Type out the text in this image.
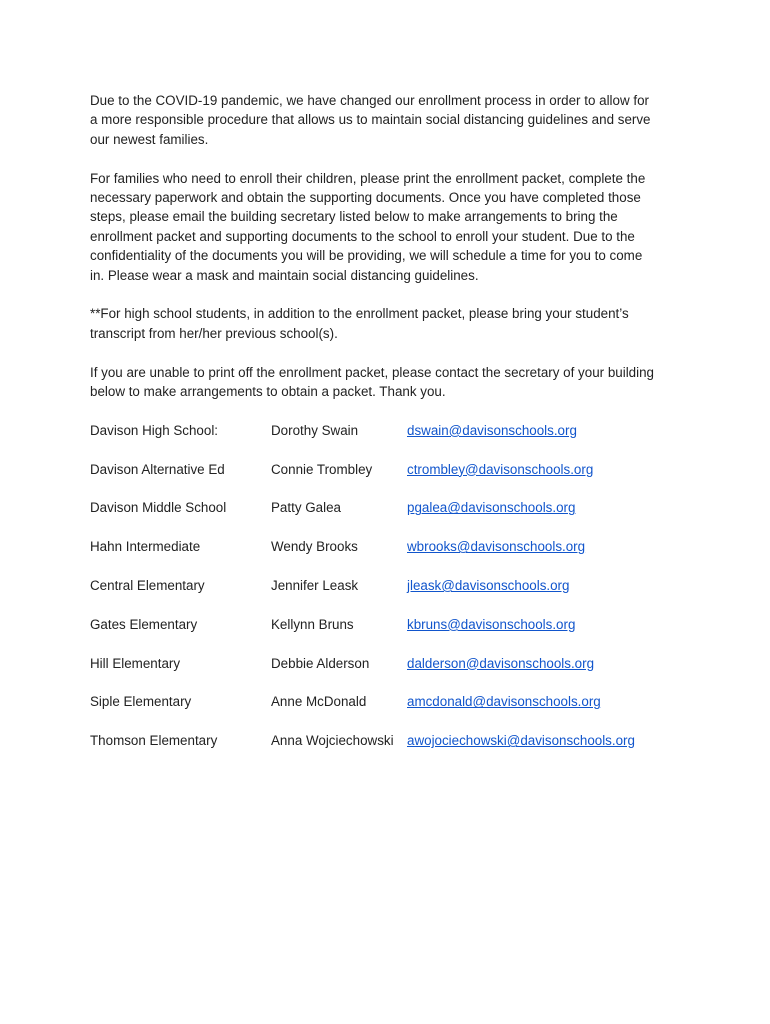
Due to the COVID-19 pandemic, we have changed our enrollment process in order to allow for
a more responsible procedure that allows us to maintain social distancing guidelines and serve
our newest families.

For families who need to enroll their children, please print the enrollment packet, complete the
necessary paperwork and obtain the supporting documents. Once you have completed those
steps, please email the building secretary listed below to make arrangements to bring the
enrollment packet and supporting documents to the school to enroll your student. Due to the
confidentiality of the documents you will be providing, we will schedule a time for you to come
in. Please wear a mask and maintain social distancing guidelines.

**For high school students, in addition to the enrollment packet, please bring your student’s
transcript from her/her previous school(s).

If you are unable to print off the enrollment packet, please contact the secretary of your building
below to make arrangements to obtain a packet. Thank you.

Davison High School:	Dorothy Swain	dswain@davisonschools.org
Davison Alternative Ed	Connie Trombley	ctrombley@davisonschools.org
Davison Middle School	Patty Galea	pgalea@davisonschools.org
Hahn Intermediate	Wendy Brooks	wbrooks@davisonschools.org
Central Elementary	Jennifer Leask	jleask@davisonschools.org
Gates Elementary	Kellynn Bruns	kbruns@davisonschools.org
Hill Elementary	Debbie Alderson	dalderson@davisonschools.org
Siple Elementary	Anne McDonald	amcdonald@davisonschools.org
Thomson Elementary	Anna Wojciechowski	awojociechowski@davisonschools.org
